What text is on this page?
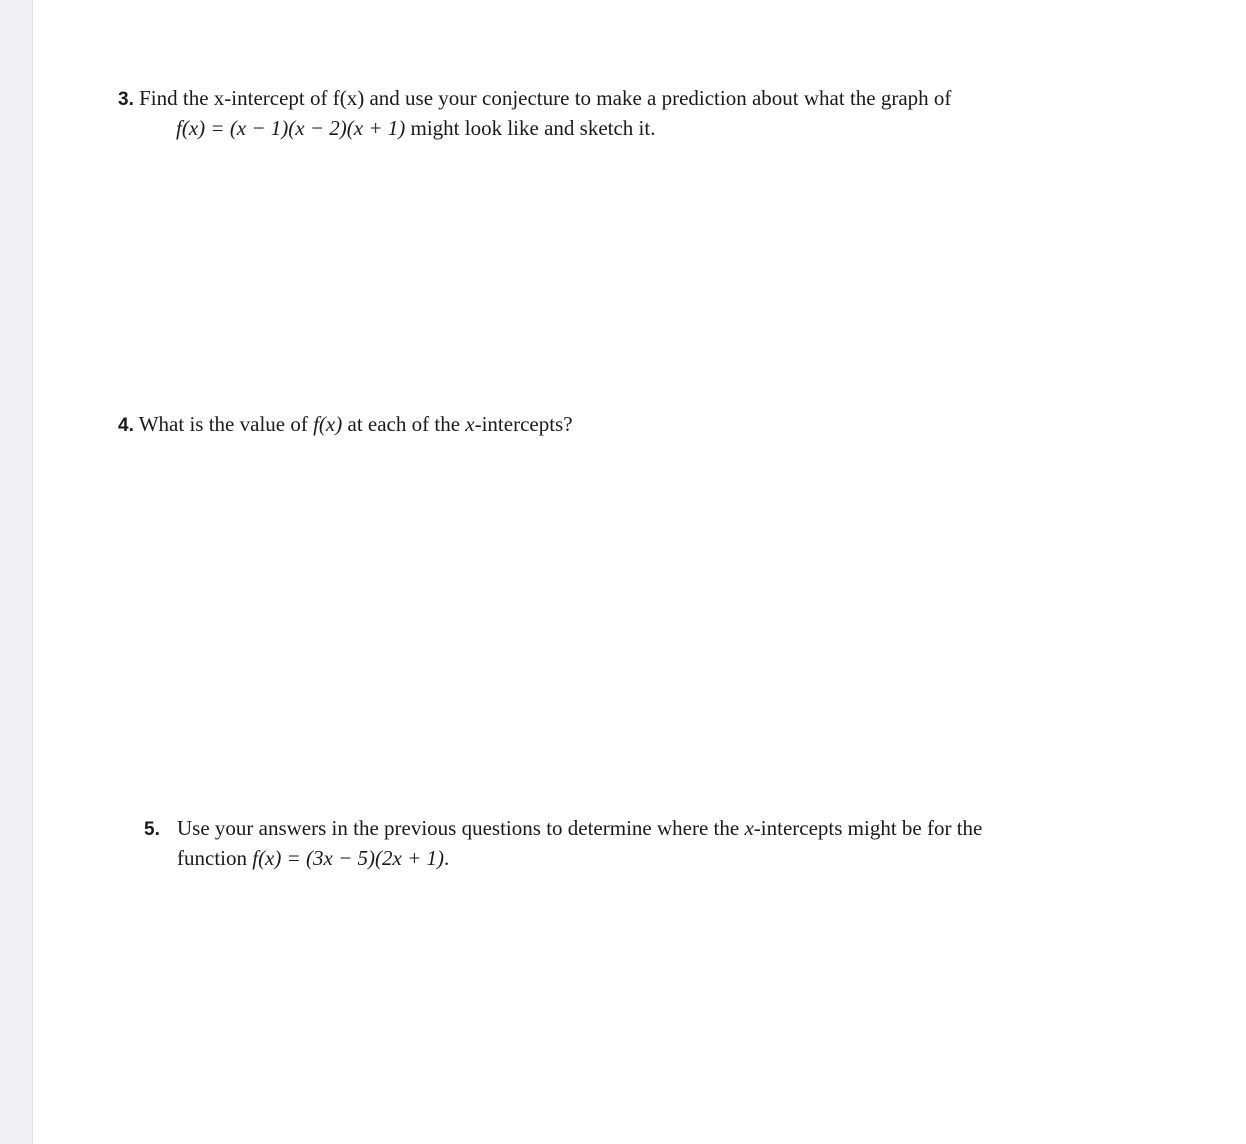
3. Find the x-intercept of f(x) and use your conjecture to make a prediction about what the graph of
f(x) = (x − 1)(x − 2)(x + 1) might look like and sketch it.
4. What is the value of f(x) at each of the x-intercepts?
5. Use your answers in the previous questions to determine where the x-intercepts might be for the
function f(x) = (3x − 5)(2x + 1).
